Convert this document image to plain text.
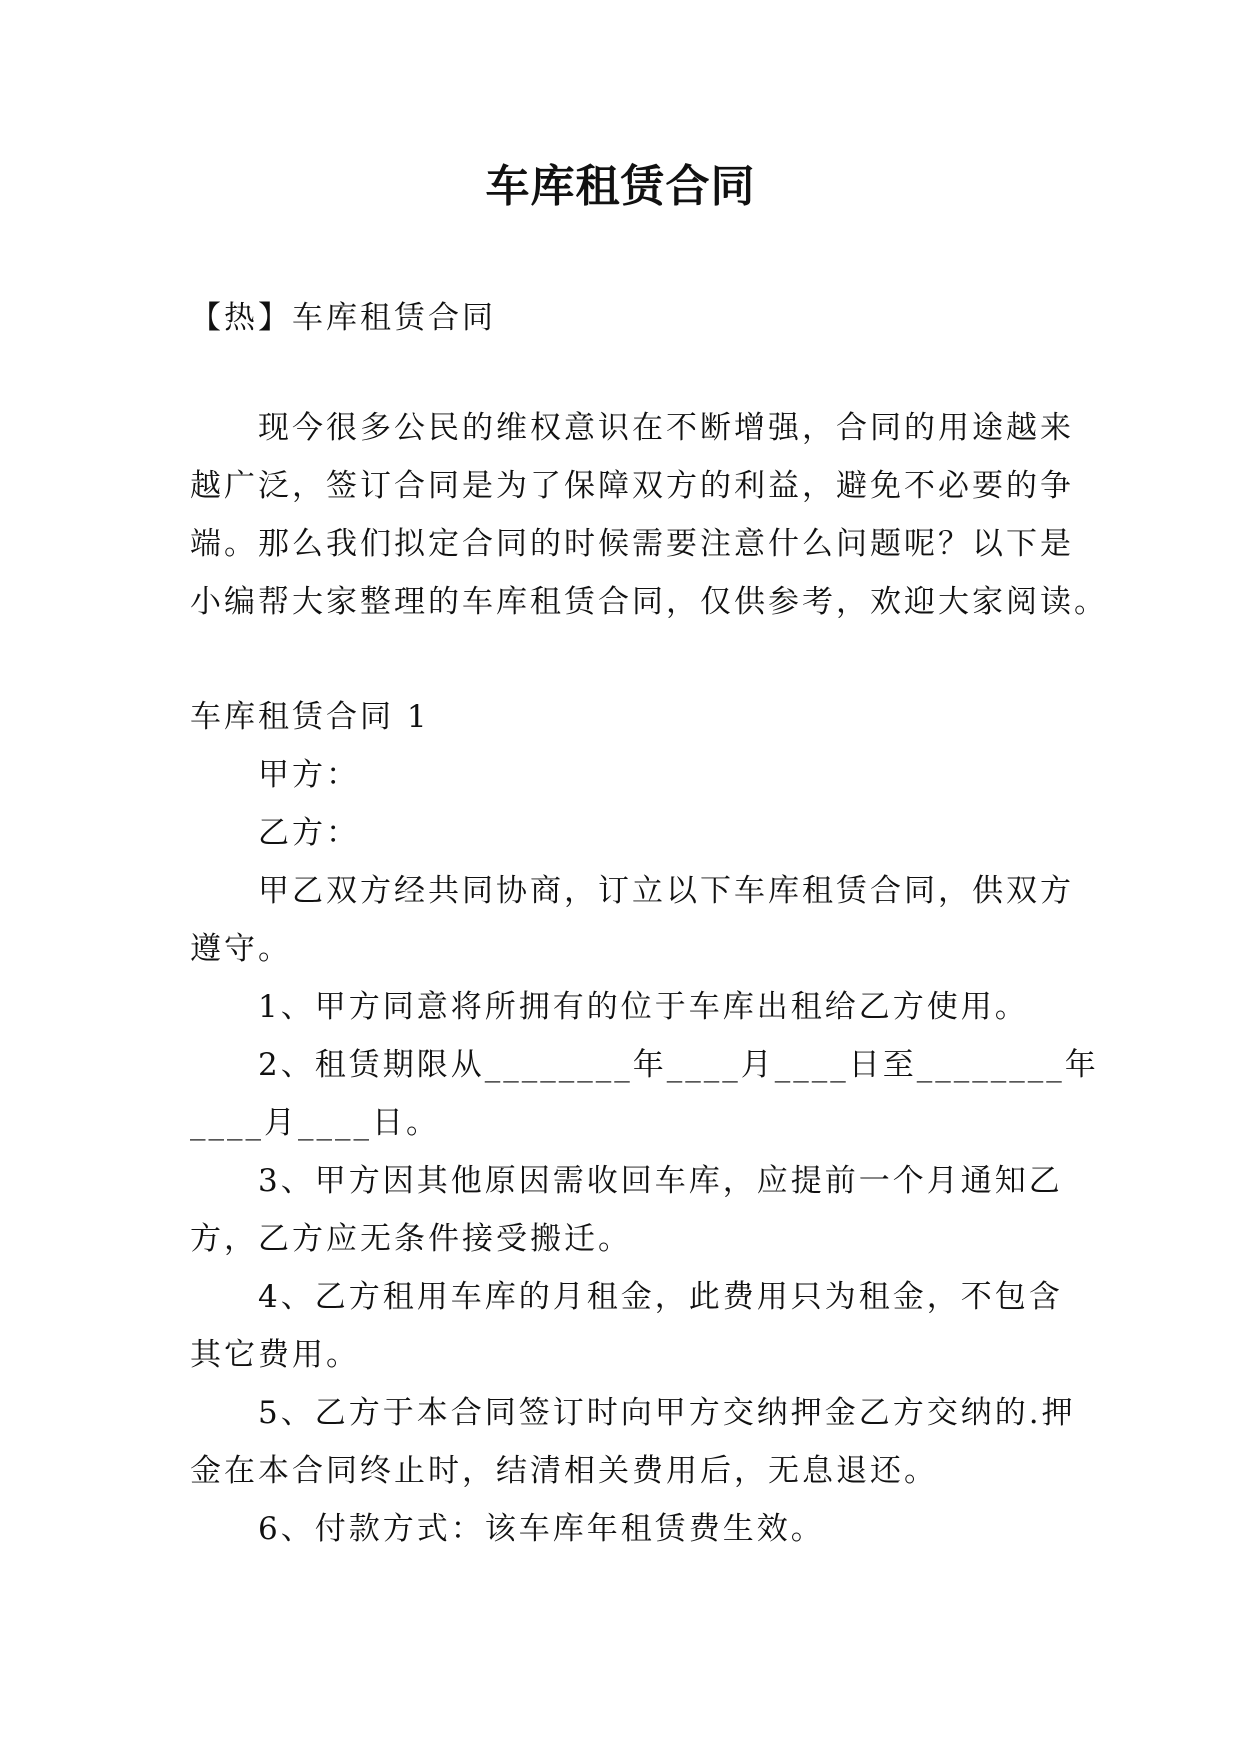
车库租赁合同
【热】车库租赁合同
现今很多公民的维权意识在不断增强，合同的用途越来
越广泛，签订合同是为了保障双方的利益，避免不必要的争
端。那么我们拟定合同的时候需要注意什么问题呢？以下是
小编帮大家整理的车库租赁合同，仅供参考，欢迎大家阅读。
车库租赁合同 1
甲方：
乙方：
甲乙双方经共同协商，订立以下车库租赁合同，供双方
遵守。
1、甲方同意将所拥有的位于车库出租给乙方使用。
2、租赁期限从________年____月____日至________年
____月____日。
3、甲方因其他原因需收回车库，应提前一个月通知乙
方，乙方应无条件接受搬迁。
4、乙方租用车库的月租金，此费用只为租金，不包含
其它费用。
5、乙方于本合同签订时向甲方交纳押金乙方交纳的.押
金在本合同终止时，结清相关费用后，无息退还。
6、付款方式：该车库年租赁费生效。
